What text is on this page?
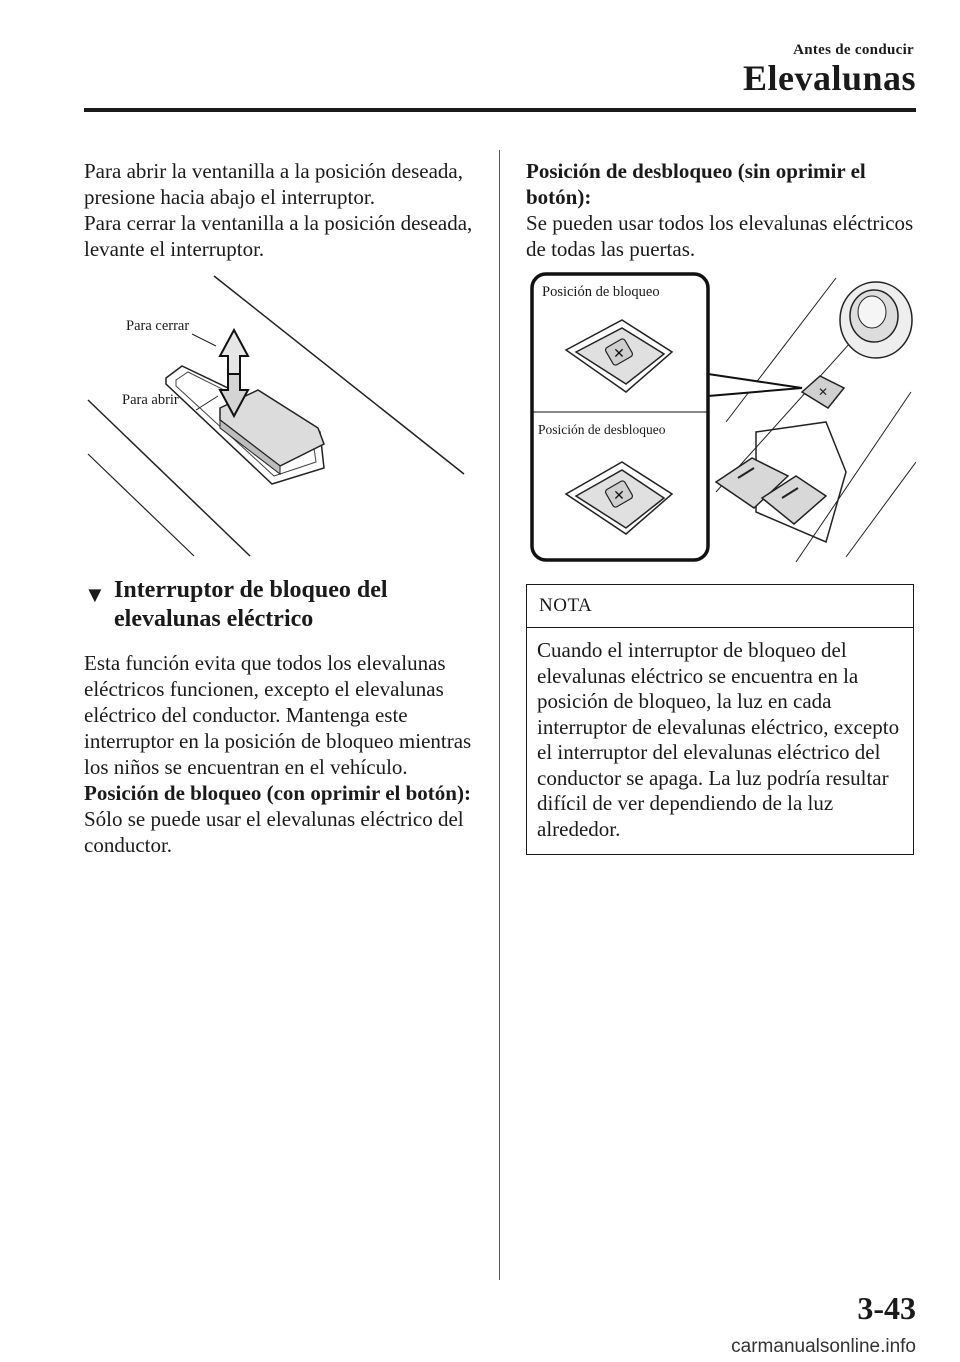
Antes de conducir
Elevalunas

Para abrir la ventanilla a la posición deseada, presione hacia abajo el interruptor.
Para cerrar la ventanilla a la posición deseada, levante el interruptor.

Para cerrar
Para abrir
▼ Interruptor de bloqueo del elevalunas eléctrico

Esta función evita que todos los elevalunas eléctricos funcionen, excepto el elevalunas eléctrico del conductor. Mantenga este interruptor en la posición de bloqueo mientras los niños se encuentran en el vehículo.

Posición de bloqueo (con oprimir el botón):

Sólo se puede usar el elevalunas eléctrico del conductor.

Posición de desbloqueo (sin oprimir el botón):

Se pueden usar todos los elevalunas eléctricos de todas las puertas.

✕
✕
✕
Posición de bloqueo
Posición de desbloqueo
NOTA
Cuando el interruptor de bloqueo del elevalunas eléctrico se encuentra en la posición de bloqueo, la luz en cada interruptor de elevalunas eléctrico, excepto el interruptor del elevalunas eléctrico del conductor se apaga. La luz podría resultar difícil de ver dependiendo de la luz alrededor.
3-43
carmanualsonline.info
